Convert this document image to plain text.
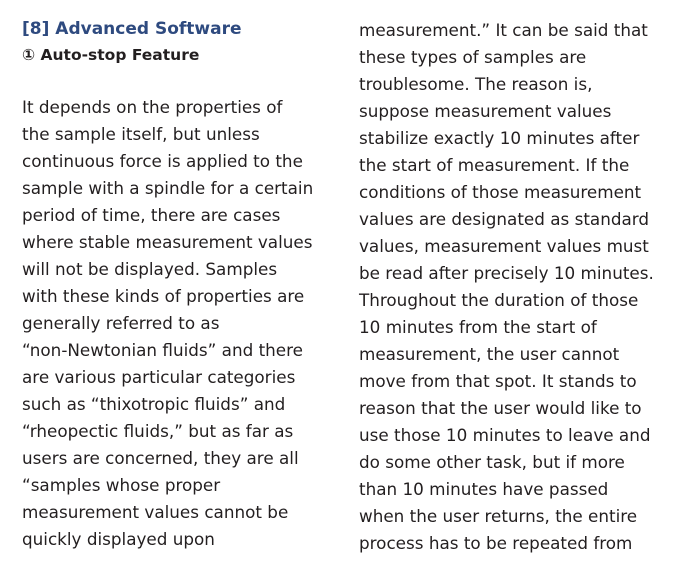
[8] Advanced Software
① Auto-stop Feature
It depends on the properties of
the sample itself, but unless
continuous force is applied to the
sample with a spindle for a certain
period of time, there are cases
where stable measurement values
will not be displayed. Samples
with these kinds of properties are
generally referred to as
“non-Newtonian fluids” and there
are various particular categories
such as “thixotropic fluids” and
“rheopectic fluids,” but as far as
users are concerned, they are all
“samples whose proper
measurement values cannot be
quickly displayed upon
measurement.” It can be said that
these types of samples are
troublesome. The reason is,
suppose measurement values
stabilize exactly 10 minutes after
the start of measurement. If the
conditions of those measurement
values are designated as standard
values, measurement values must
be read after precisely 10 minutes.
Throughout the duration of those
10 minutes from the start of
measurement, the user cannot
move from that spot. It stands to
reason that the user would like to
use those 10 minutes to leave and
do some other task, but if more
than 10 minutes have passed
when the user returns, the entire
process has to be repeated from
